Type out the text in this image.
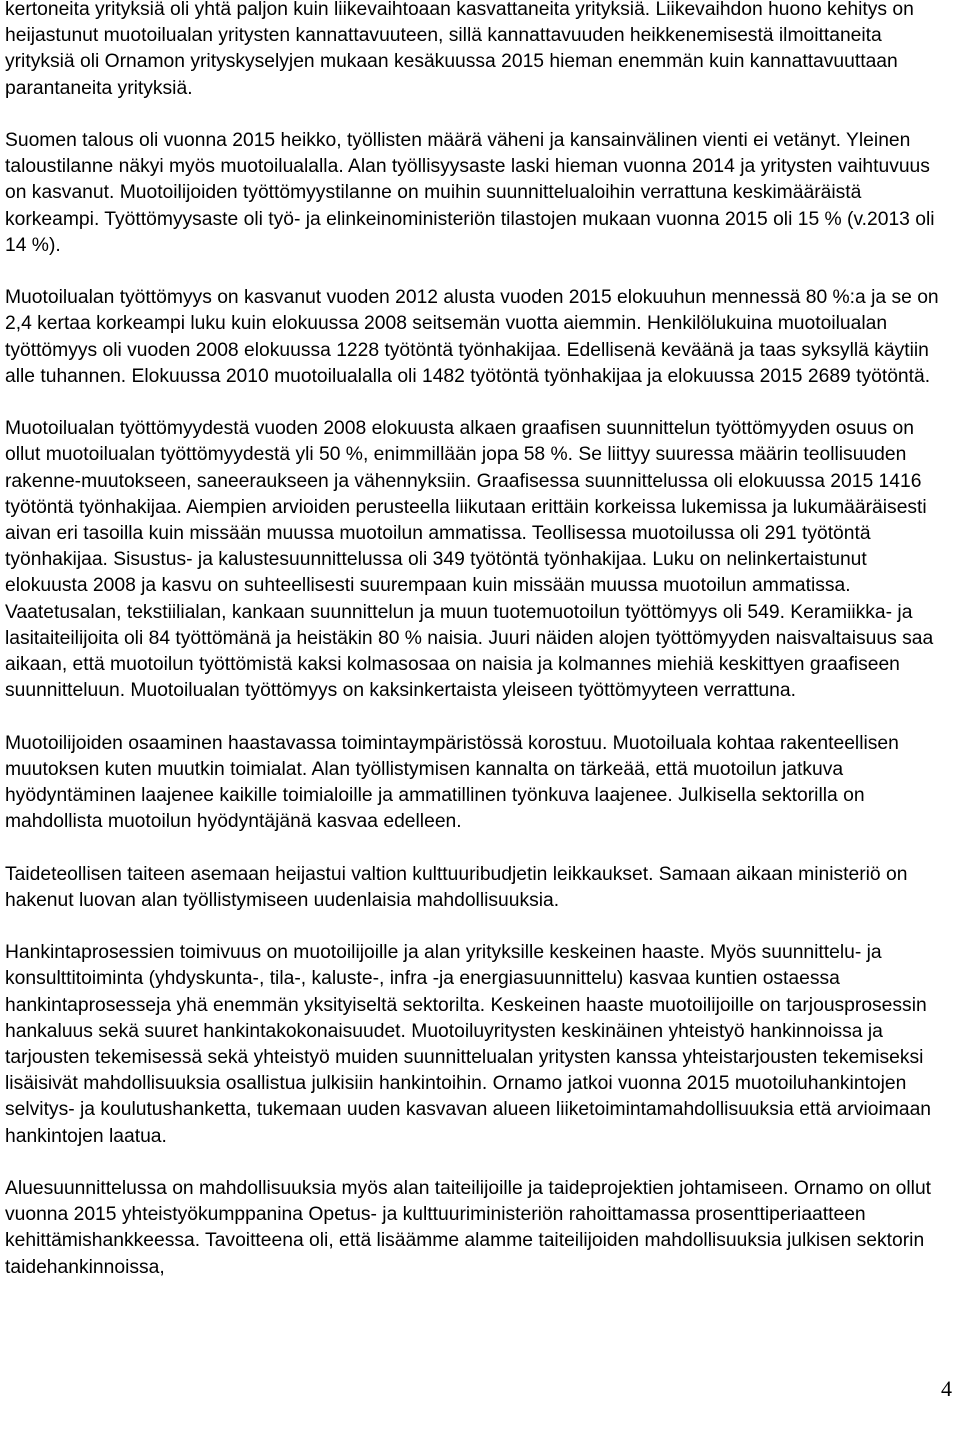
kertoneita yrityksiä oli yhtä paljon kuin liikevaihtoaan kasvattaneita yrityksiä. Liikevaihdon huono kehitys on heijastunut muotoilualan yritysten kannattavuuteen, sillä kannattavuuden heikkenemisestä ilmoittaneita yrityksiä oli Ornamon yrityskyselyjen mukaan kesäkuussa 2015 hieman enemmän kuin kannattavuuttaan parantaneita yrityksiä.

Suomen talous oli vuonna 2015 heikko, työllisten määrä väheni ja kansainvälinen vienti ei vetänyt. Yleinen taloustilanne näkyi myös muotoilualalla. Alan työllisyysaste laski hieman vuonna 2014 ja yritysten vaihtuvuus on kasvanut. Muotoilijoiden työttömyystilanne on muihin suunnittelualoihin verrattuna keskimääräistä korkeampi. Työttömyysaste oli työ- ja elinkeinoministeriön tilastojen mukaan vuonna 2015 oli 15 % (v.2013 oli 14 %).

Muotoilualan työttömyys on kasvanut vuoden 2012 alusta vuoden 2015 elokuuhun mennessä 80 %:a ja se on 2,4 kertaa korkeampi luku kuin elokuussa 2008 seitsemän vuotta aiemmin. Henkilölukuina muotoilualan työttömyys oli vuoden 2008 elokuussa 1228 työtöntä työnhakijaa. Edellisenä keväänä ja taas syksyllä käytiin alle tuhannen. Elokuussa 2010 muotoilualalla oli 1482 työtöntä työnhakijaa ja elokuussa 2015 2689 työtöntä.

Muotoilualan työttömyydestä vuoden 2008 elokuusta alkaen graafisen suunnittelun työttömyyden osuus on ollut muotoilualan työttömyydestä yli 50 %, enimmillään jopa 58 %. Se liittyy suuressa määrin teollisuuden rakenne-muutokseen, saneeraukseen ja vähennyksiin. Graafisessa suunnittelussa oli elokuussa 2015 1416 työtöntä työnhakijaa. Aiempien arvioiden perusteella liikutaan erittäin korkeissa lukemissa ja lukumääräisesti aivan eri tasoilla kuin missään muussa muotoilun ammatissa. Teollisessa muotoilussa oli 291 työtöntä työnhakijaa. Sisustus- ja kalustesuunnittelussa oli 349 työtöntä työnhakijaa. Luku on nelinkertaistunut elokuusta 2008 ja kasvu on suhteellisesti suurempaan kuin missään muussa muotoilun ammatissa. Vaatetusalan, tekstiilialan, kankaan suunnittelun ja muun tuotemuotoilun työttömyys oli 549. Keramiikka- ja lasitaiteilijoita oli 84 työttömänä ja heistäkin 80 % naisia. Juuri näiden alojen työttömyyden naisvaltaisuus saa aikaan, että muotoilun työttömistä kaksi kolmasosaa on naisia ja kolmannes miehiä keskittyen graafiseen suunnitteluun. Muotoilualan työttömyys on kaksinkertaista yleiseen työttömyyteen verrattuna.

Muotoilijoiden osaaminen haastavassa toimintaympäristössä korostuu. Muotoiluala kohtaa rakenteellisen muutoksen kuten muutkin toimialat. Alan työllistymisen kannalta on tärkeää, että muotoilun jatkuva hyödyntäminen laajenee kaikille toimialoille ja ammatillinen työnkuva laajenee. Julkisella sektorilla on mahdollista muotoilun hyödyntäjänä kasvaa edelleen.

Taideteollisen taiteen asemaan heijastui valtion kulttuuribudjetin leikkaukset. Samaan aikaan ministeriö on hakenut luovan alan työllistymiseen uudenlaisia mahdollisuuksia.

Hankintaprosessien toimivuus on muotoilijoille ja alan yrityksille keskeinen haaste. Myös suunnittelu- ja konsulttitoiminta (yhdyskunta-, tila-, kaluste-, infra -ja energiasuunnittelu) kasvaa kuntien ostaessa hankintaprosesseja yhä enemmän yksityiseltä sektorilta. Keskeinen haaste muotoilijoille on tarjousprosessin hankaluus sekä suuret hankintakokonaisuudet. Muotoiluyritysten keskinäinen yhteistyö hankinnoissa ja tarjousten tekemisessä sekä yhteistyö muiden suunnittelualan yritysten kanssa yhteistarjousten tekemiseksi lisäisivät mahdollisuuksia osallistua julkisiin hankintoihin. Ornamo jatkoi vuonna 2015 muotoiluhankintojen selvitys- ja koulutushanketta, tukemaan uuden kasvavan alueen liiketoimintamahdollisuuksia että arvioimaan hankintojen laatua.

Aluesuunnittelussa on mahdollisuuksia myös alan taiteilijoille ja taideprojektien johtamiseen. Ornamo on ollut vuonna 2015 yhteistyökumppanina Opetus- ja kulttuuriministeriön rahoittamassa prosenttiperiaatteen kehittämishankkeessa. Tavoitteena oli, että lisäämme alamme taiteilijoiden mahdollisuuksia julkisen sektorin taidehankinnoissa,

4
